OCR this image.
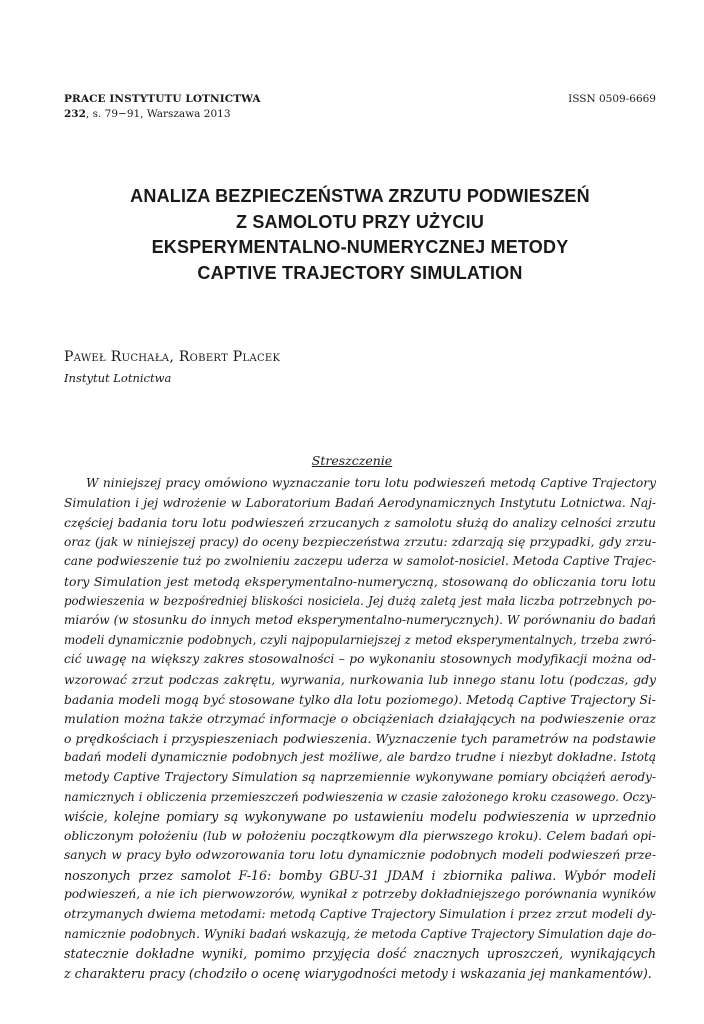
PRACE INSTYTUTU LOTNICTWA	ISSN 0509-6669
232, s. 79−91, Warszawa 2013
ANALIZA BEZPIECZEŃSTWA ZRZUTU PODWIESZEŃ
Z SAMOLOTU PRZY UŻYCIU
EKSPERYMENTALNO-NUMERYCZNEJ METODY
CAPTIVE TRAJECTORY SIMULATION
Paweł Ruchała, Robert Placek
Instytut Lotnictwa
Streszczenie
W niniejszej pracy omówiono wyznaczanie toru lotu podwieszeń metodą Captive Trajectory
Simulation i jej wdrożenie w Laboratorium Badań Aerodynamicznych Instytutu Lotnictwa. Naj-
częściej badania toru lotu podwieszeń zrzucanych z samolotu służą do analizy celności zrzutu
oraz (jak w niniejszej pracy) do oceny bezpieczeństwa zrzutu: zdarzają się przypadki, gdy zrzu-
cane podwieszenie tuż po zwolnieniu zaczepu uderza w samolot-nosiciel. Metoda Captive Trajec-
tory Simulation jest metodą eksperymentalno-numeryczną, stosowaną do obliczania toru lotu
podwieszenia w bezpośredniej bliskości nosiciela. Jej dużą zaletą jest mała liczba potrzebnych po-
miarów (w stosunku do innych metod eksperymentalno-numerycznych). W porównaniu do badań
modeli dynamicznie podobnych, czyli najpopularniejszej z metod eksperymentalnych, trzeba zwró-
cić uwagę na większy zakres stosowalności – po wykonaniu stosownych modyfikacji można od-
wzorować zrzut podczas zakrętu, wyrwania, nurkowania lub innego stanu lotu (podczas, gdy
badania modeli mogą być stosowane tylko dla lotu poziomego). Metodą Captive Trajectory Si-
mulation można także otrzymać informacje o obciążeniach działających na podwieszenie oraz
o prędkościach i przyspieszeniach podwieszenia. Wyznaczenie tych parametrów na podstawie
badań modeli dynamicznie podobnych jest możliwe, ale bardzo trudne i niezbyt dokładne. Istotą
metody Captive Trajectory Simulation są naprzemiennie wykonywane pomiary obciążeń aerody-
namicznych i obliczenia przemieszczeń podwieszenia w czasie założonego kroku czasowego. Oczy-
wiście, kolejne pomiary są wykonywane po ustawieniu modelu podwieszenia w uprzednio
obliczonym położeniu (lub w położeniu początkowym dla pierwszego kroku). Celem badań opi-
sanych w pracy było odwzorowania toru lotu dynamicznie podobnych modeli podwieszeń prze-
noszonych przez samolot F-16: bomby GBU-31 JDAM i zbiornika paliwa. Wybór modeli
podwieszeń, a nie ich pierwowzorów, wynikał z potrzeby dokładniejszego porównania wyników
otrzymanych dwiema metodami: metodą Captive Trajectory Simulation i przez zrzut modeli dy-
namicznie podobnych. Wyniki badań wskazują, że metoda Captive Trajectory Simulation daje do-
statecznie dokładne wyniki, pomimo przyjęcia dość znacznych uproszczeń, wynikających
z charakteru pracy (chodziło o ocenę wiarygodności metody i wskazania jej mankamentów).
